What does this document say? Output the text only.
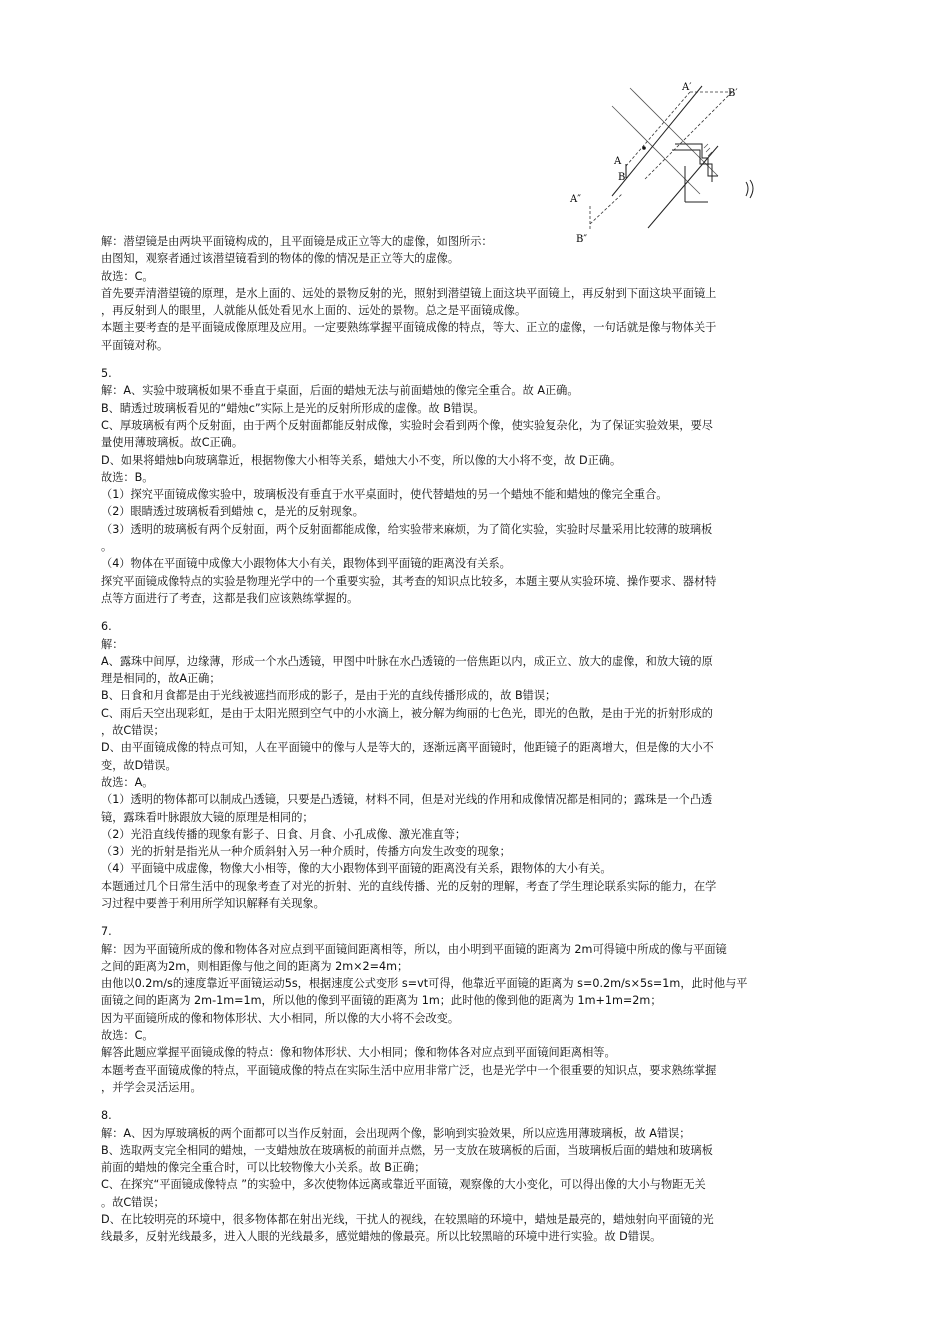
A′
B′
A
B
A″
B″
解：潜望镜是由两块平面镜构成的，且平面镜是成正立等大的虚像，如图所示：
由图知，观察者通过该潜望镜看到的物体的像的情况是正立等大的虚像。
故选：C。
首先要弄清潜望镜的原理，是水上面的、远处的景物反射的光，照射到潜望镜上面这块平面镜上，再反射到下面这块平面镜上
，再反射到人的眼里，人就能从低处看见水上面的、远处的景物。总之是平面镜成像。
本题主要考查的是平面镜成像原理及应用。一定要熟练掌握平面镜成像的特点，等大、正立的虚像，一句话就是像与物体关于
平面镜对称。
5.
解：A、实验中玻璃板如果不垂直于桌面，后面的蜡烛无法与前面蜡烛的像完全重合。故 A正确。
B、睛透过玻璃板看见的“蜡烛c”实际上是光的反射所形成的虚像。故 B错误。
C、厚玻璃板有两个反射面，由于两个反射面都能反射成像，实验时会看到两个像，使实验复杂化，为了保证实验效果，要尽
量使用薄玻璃板。故C正确。
D、如果将蜡烛b向玻璃靠近，根据物像大小相等关系，蜡烛大小不变，所以像的大小将不变，故 D正确。
故选：B。
（1）探究平面镜成像实验中，玻璃板没有垂直于水平桌面时，使代替蜡烛的另一个蜡烛不能和蜡烛的像完全重合。
（2）眼睛透过玻璃板看到蜡烛 c，是光的反射现象。
（3）透明的玻璃板有两个反射面，两个反射面都能成像，给实验带来麻烦，为了简化实验，实验时尽量采用比较薄的玻璃板
。
（4）物体在平面镜中成像大小跟物体大小有关，跟物体到平面镜的距离没有关系。
探究平面镜成像特点的实验是物理光学中的一个重要实验，其考查的知识点比较多，本题主要从实验环境、操作要求、器材特
点等方面进行了考查，这都是我们应该熟练掌握的。
6.
解：
A、露珠中间厚，边缘薄，形成一个水凸透镜，甲图中叶脉在水凸透镜的一倍焦距以内，成正立、放大的虚像，和放大镜的原
理是相同的，故A正确；
B、日食和月食都是由于光线被遮挡而形成的影子，是由于光的直线传播形成的，故 B错误；
C、雨后天空出现彩虹，是由于太阳光照到空气中的小水滴上，被分解为绚丽的七色光，即光的色散，是由于光的折射形成的
，故C错误；
D、由平面镜成像的特点可知，人在平面镜中的像与人是等大的，逐渐远离平面镜时，他距镜子的距离增大，但是像的大小不
变，故D错误。
故选：A。
（1）透明的物体都可以制成凸透镜，只要是凸透镜，材料不同，但是对光线的作用和成像情况都是相同的；露珠是一个凸透
镜，露珠看叶脉跟放大镜的原理是相同的；
（2）光沿直线传播的现象有影子、日食、月食、小孔成像、激光准直等；
（3）光的折射是指光从一种介质斜射入另一种介质时，传播方向发生改变的现象；
（4）平面镜中成虚像，物像大小相等，像的大小跟物体到平面镜的距离没有关系，跟物体的大小有关。
本题通过几个日常生活中的现象考查了对光的折射、光的直线传播、光的反射的理解，考查了学生理论联系实际的能力，在学
习过程中要善于利用所学知识解释有关现象。
7.
解：因为平面镜所成的像和物体各对应点到平面镜间距离相等，所以，由小明到平面镜的距离为 2m可得镜中所成的像与平面镜
之间的距离为2m，则相距像与他之间的距离为 2m×2=4m；
由他以0.2m/s的速度靠近平面镜运动5s，根据速度公式变形 s=vt可得，他靠近平面镜的距离为 s=0.2m/s×5s=1m，此时他与平
面镜之间的距离为 2m-1m=1m，所以他的像到平面镜的距离为 1m；此时他的像到他的距离为 1m+1m=2m；
因为平面镜所成的像和物体形状、大小相同，所以像的大小将不会改变。
故选：C。
解答此题应掌握平面镜成像的特点：像和物体形状、大小相同；像和物体各对应点到平面镜间距离相等。
本题考查平面镜成像的特点，平面镜成像的特点在实际生活中应用非常广泛，也是光学中一个很重要的知识点，要求熟练掌握
，并学会灵活运用。
8.
解：A、因为厚玻璃板的两个面都可以当作反射面，会出现两个像，影响到实验效果，所以应选用薄玻璃板，故 A错误；
B、选取两支完全相同的蜡烛，一支蜡烛放在玻璃板的前面并点燃，另一支放在玻璃板的后面，当玻璃板后面的蜡烛和玻璃板
前面的蜡烛的像完全重合时，可以比较物像大小关系。故 B正确；
C、在探究“平面镜成像特点 ”的实验中，多次使物体远离或靠近平面镜，观察像的大小变化，可以得出像的大小与物距无关
。故C错误；
D、在比较明亮的环境中，很多物体都在射出光线，干扰人的视线，在较黑暗的环境中，蜡烛是最亮的，蜡烛射向平面镜的光
线最多，反射光线最多，进入人眼的光线最多，感觉蜡烛的像最亮。所以比较黑暗的环境中进行实验。故 D错误。
